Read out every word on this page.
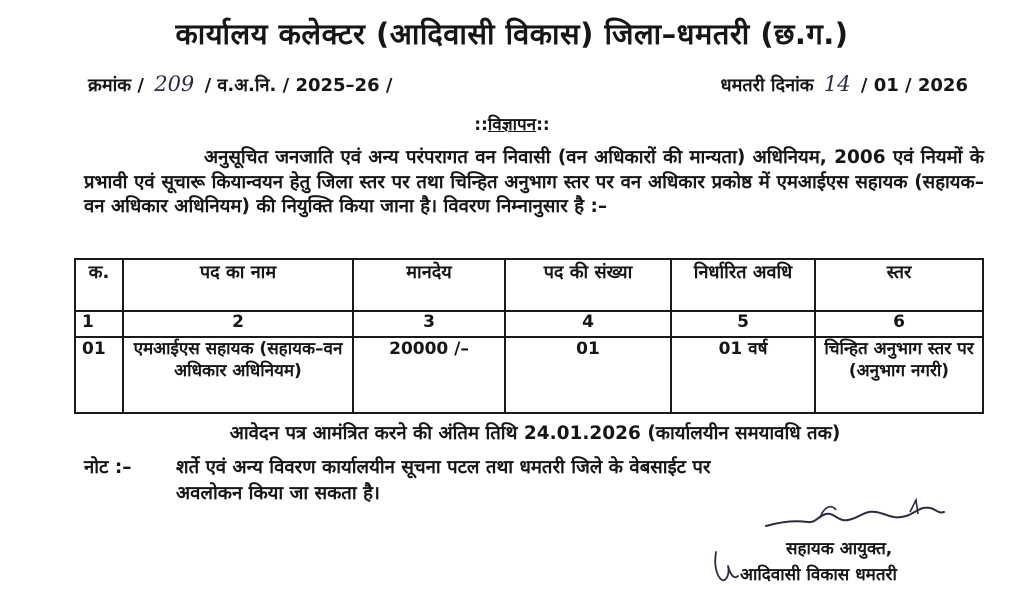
कार्यालय कलेक्टर (आदिवासी विकास) जिला–धमतरी (छ.ग.)
क्रमांक / 209 / व.अ.नि. / 2025–26 /	धमतरी दिनांक 14 / 01 / 2026
::विज्ञापन::
अनुसूचित जनजाति एवं अन्य परंपरागत वन निवासी (वन अधिकारों की मान्यता) अधिनियम, 2006 एवं नियमों के प्रभावी एवं सूचारू कियान्वयन हेतु जिला स्तर पर तथा चिन्हित अनुभाग स्तर पर वन अधिकार प्रकोष्ठ में एमआईएस सहायक (सहायक–वन अधिकार अधिनियम) की नियुक्ति किया जाना है। विवरण निम्नानुसार है :–
क.	पद का नाम	मानदेय	पद की संख्या	निर्धारित अवधि	स्तर
1	2	3	4	5	6
01	एमआईएस सहायक (सहायक–वन अधिकार अधिनियम)	20000 /–	01	01 वर्ष	चिन्हित अनुभाग स्तर पर (अनुभाग नगरी)
आवेदन पत्र आमंत्रित करने की अंतिम तिथि 24.01.2026 (कार्यालयीन समयावधि तक)
नोट :– शर्ते एवं अन्य विवरण कार्यालयीन सूचना पटल तथा धमतरी जिले के वेबसाईट पर
अवलोकन किया जा सकता है।
सहायक आयुक्त,
आदिवासी विकास धमतरी
